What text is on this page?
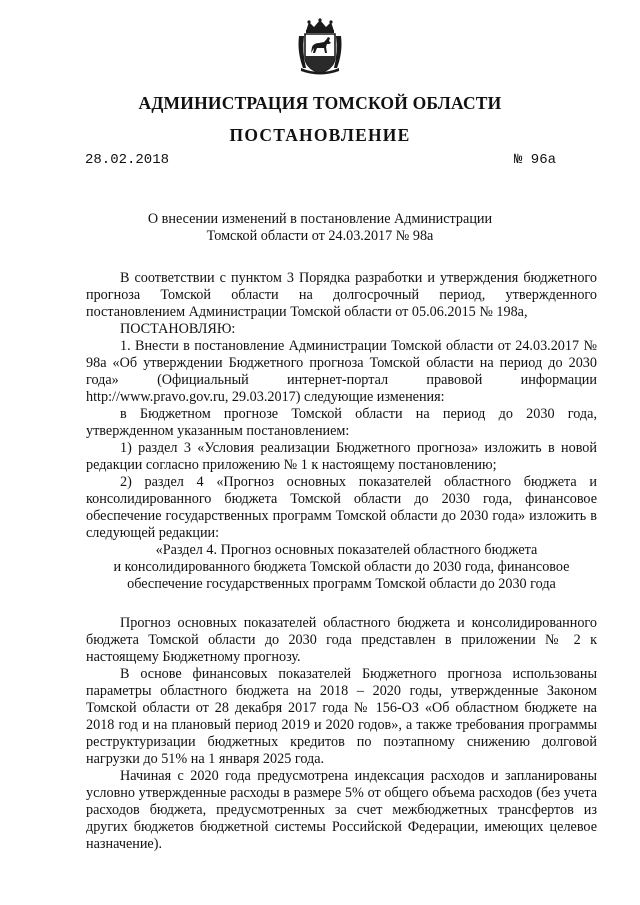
АДМИНИСТРАЦИЯ ТОМСКОЙ ОБЛАСТИ
ПОСТАНОВЛЕНИЕ
28.02.2018	№ 96а
О внесении изменений в постановление Администрации
Томской области от 24.03.2017 № 98а

В соответствии с пунктом 3 Порядка разработки и утверждения бюджетного прогноза Томской области на долгосрочный период, утвержденного постановлением Администрации Томской области от 05.06.2015 № 198а,

ПОСТАНОВЛЯЮ:

1. Внести в постановление Администрации Томской области от 24.03.2017 № 98а «Об утверждении Бюджетного прогноза Томской области на период до 2030 года» (Официальный интернет-портал правовой информации http://www.pravo.gov.ru, 29.03.2017) следующие изменения:

в Бюджетном прогнозе Томской области на период до 2030 года, утвержденном указанным постановлением:

1) раздел 3 «Условия реализации Бюджетного прогноза» изложить в новой редакции согласно приложению № 1 к настоящему постановлению;

2) раздел 4 «Прогноз основных показателей областного бюджета и консолидированного бюджета Томской области до 2030 года, финансовое обеспечение государственных программ Томской области до 2030 года» изложить в следующей редакции:

«Раздел 4. Прогноз основных показателей областного бюджета
и консолидированного бюджета Томской области до 2030 года, финансовое
обеспечение государственных программ Томской области до 2030 года

Прогноз основных показателей областного бюджета и консолидированного бюджета Томской области до 2030 года представлен в приложении № 2 к настоящему Бюджетному прогнозу.

В основе финансовых показателей Бюджетного прогноза использованы параметры областного бюджета на 2018 – 2020 годы, утвержденные Законом Томской области от 28 декабря 2017 года № 156-ОЗ «Об областном бюджете на 2018 год и на плановый период 2019 и 2020 годов», а также требования программы реструктуризации бюджетных кредитов по поэтапному снижению долговой нагрузки до 51% на 1 января 2025 года.

Начиная с 2020 года предусмотрена индексация расходов и запланированы условно утвержденные расходы в размере 5% от общего объема расходов (без учета расходов бюджета, предусмотренных за счет межбюджетных трансфертов из других бюджетов бюджетной системы Российской Федерации, имеющих целевое назначение).
